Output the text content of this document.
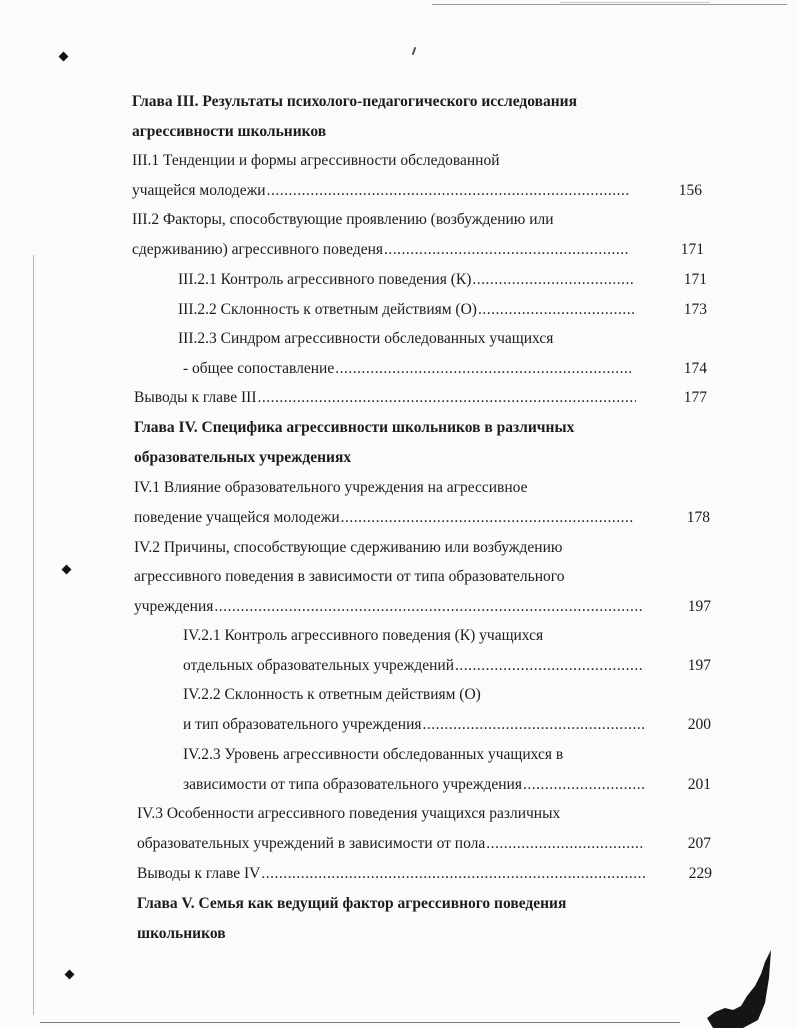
Глава III. Результаты психолого-педагогического исследования
агрессивности школьников
III.1 Тенденции и формы агрессивности обследованной
учащейся молодежи .....	156
III.2 Факторы, способствующие проявлению (возбуждению или
сдерживанию) агрессивного поведеня .....	171
III.2.1 Контроль агрессивного поведения (К) .....	171
III.2.2 Склонность к ответным действиям (О) .....	173
III.2.3 Синдром агрессивности обследованных учащихся
- общее сопоставление .....	174
Выводы к главе III .....	177
Глава IV. Специфика агрессивности школьников в различных
образовательных учреждениях
IV.1 Влияние образовательного учреждения на агрессивное
поведение учащейся молодежи .....	178
IV.2 Причины, способствующие сдерживанию или возбуждению
агрессивного поведения в зависимости от типа образовательного
учреждения .....	197
IV.2.1 Контроль агрессивного поведения (К) учащихся
отдельных образовательных учреждений .....	197
IV.2.2 Склонность к ответным действиям (О)
и тип образовательного учреждения .....	200
IV.2.3 Уровень агрессивности обследованных учащихся в
зависимости от типа образовательного учреждения .....	201
IV.3 Особенности агрессивного поведения учащихся различных
образовательных учреждений в зависимости от пола .....	207
Выводы к главе IV .....	229
Глава V. Семья как ведущий фактор агрессивного поведения
школьников
